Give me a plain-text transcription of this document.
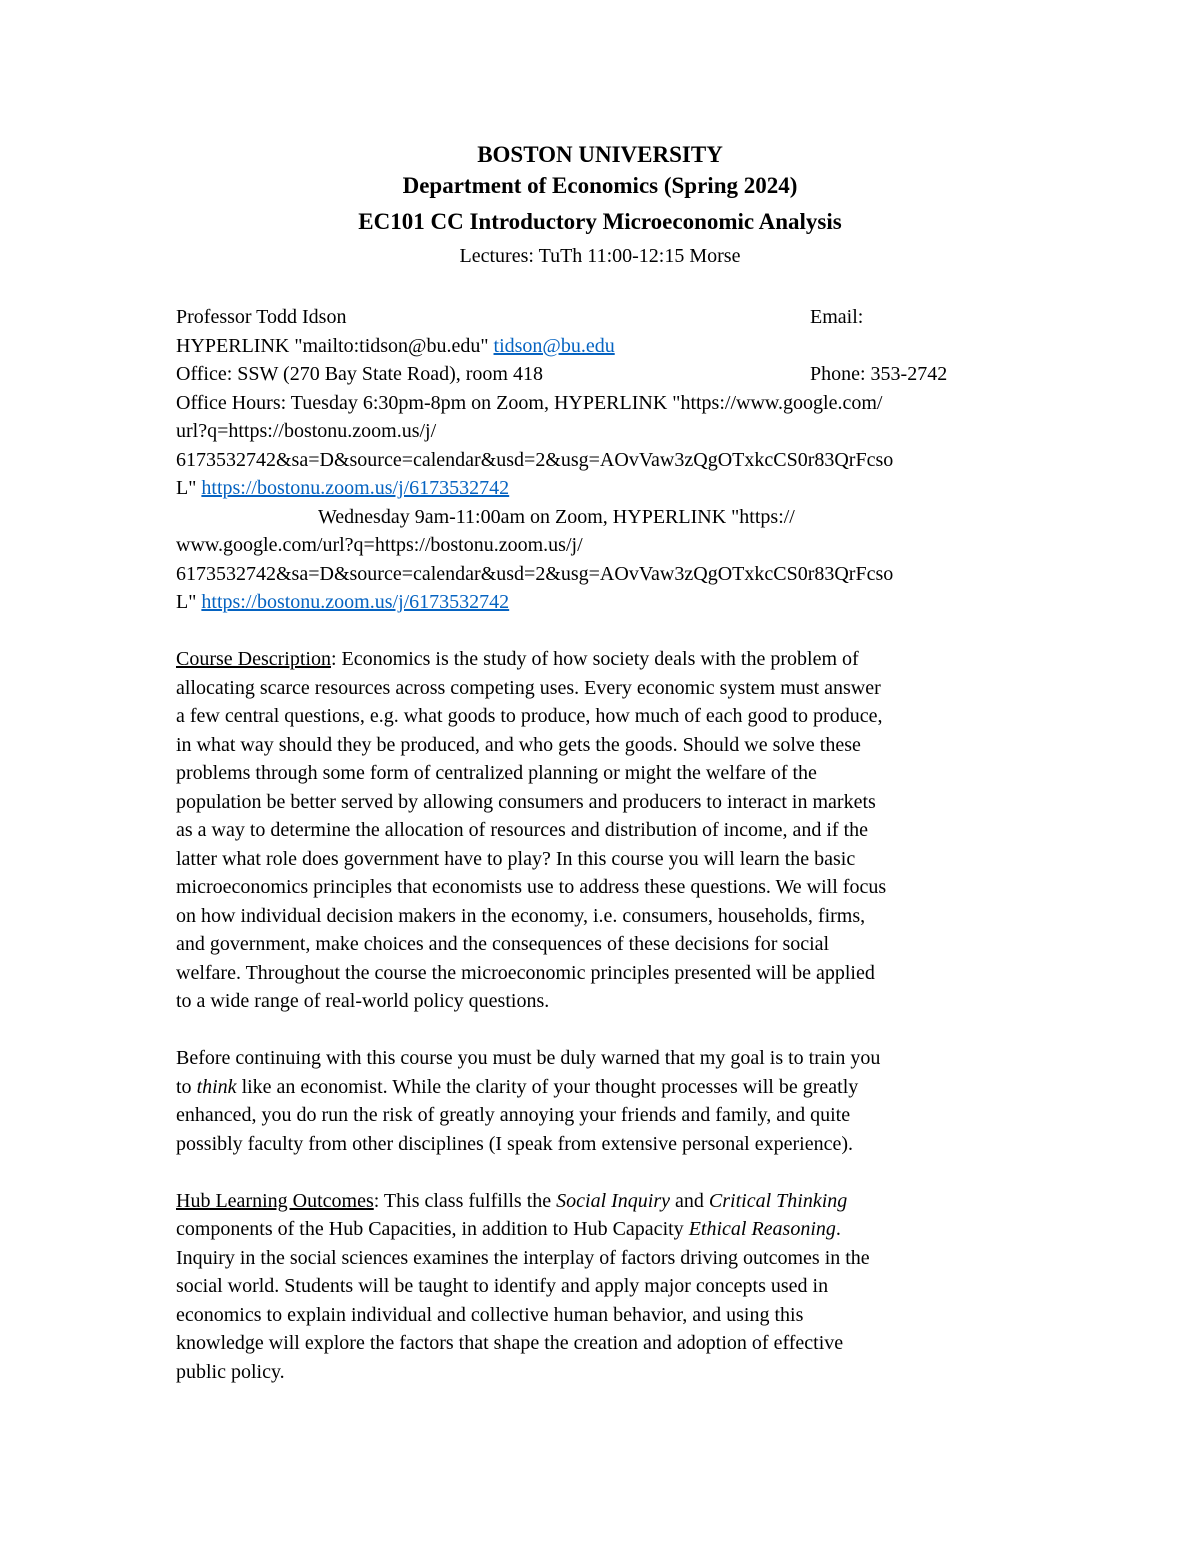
BOSTON UNIVERSITY
Department of Economics (Spring 2024)
EC101 CC Introductory Microeconomic Analysis
Lectures: TuTh 11:00-12:15 Morse
Professor Todd Idson	Email:
HYPERLINK "mailto:tidson@bu.edu" tidson@bu.edu
Office: SSW (270 Bay State Road), room 418	Phone: 353-2742
Office Hours: Tuesday 6:30pm-8pm on Zoom, HYPERLINK "https://www.google.com/
url?q=https://bostonu.zoom.us/j/
6173532742&sa=D&source=calendar&usd=2&usg=AOvVaw3zQgOTxkcCS0r83QrFcso
L" https://bostonu.zoom.us/j/6173532742
Wednesday 9am-11:00am on Zoom, HYPERLINK "https://
www.google.com/url?q=https://bostonu.zoom.us/j/
6173532742&sa=D&source=calendar&usd=2&usg=AOvVaw3zQgOTxkcCS0r83QrFcso
L" https://bostonu.zoom.us/j/6173532742
Course Description: Economics is the study of how society deals with the problem of
allocating scarce resources across competing uses. Every economic system must answer
a few central questions, e.g. what goods to produce, how much of each good to produce,
in what way should they be produced, and who gets the goods. Should we solve these
problems through some form of centralized planning or might the welfare of the
population be better served by allowing consumers and producers to interact in markets
as a way to determine the allocation of resources and distribution of income, and if the
latter what role does government have to play? In this course you will learn the basic
microeconomics principles that economists use to address these questions. We will focus
on how individual decision makers in the economy, i.e. consumers, households, firms,
and government, make choices and the consequences of these decisions for social
welfare. Throughout the course the microeconomic principles presented will be applied
to a wide range of real-world policy questions.
Before continuing with this course you must be duly warned that my goal is to train you
to think like an economist. While the clarity of your thought processes will be greatly
enhanced, you do run the risk of greatly annoying your friends and family, and quite
possibly faculty from other disciplines (I speak from extensive personal experience).
Hub Learning Outcomes: This class fulfills the Social Inquiry and Critical Thinking
components of the Hub Capacities, in addition to Hub Capacity Ethical Reasoning.
Inquiry in the social sciences examines the interplay of factors driving outcomes in the
social world. Students will be taught to identify and apply major concepts used in
economics to explain individual and collective human behavior, and using this
knowledge will explore the factors that shape the creation and adoption of effective
public policy.
